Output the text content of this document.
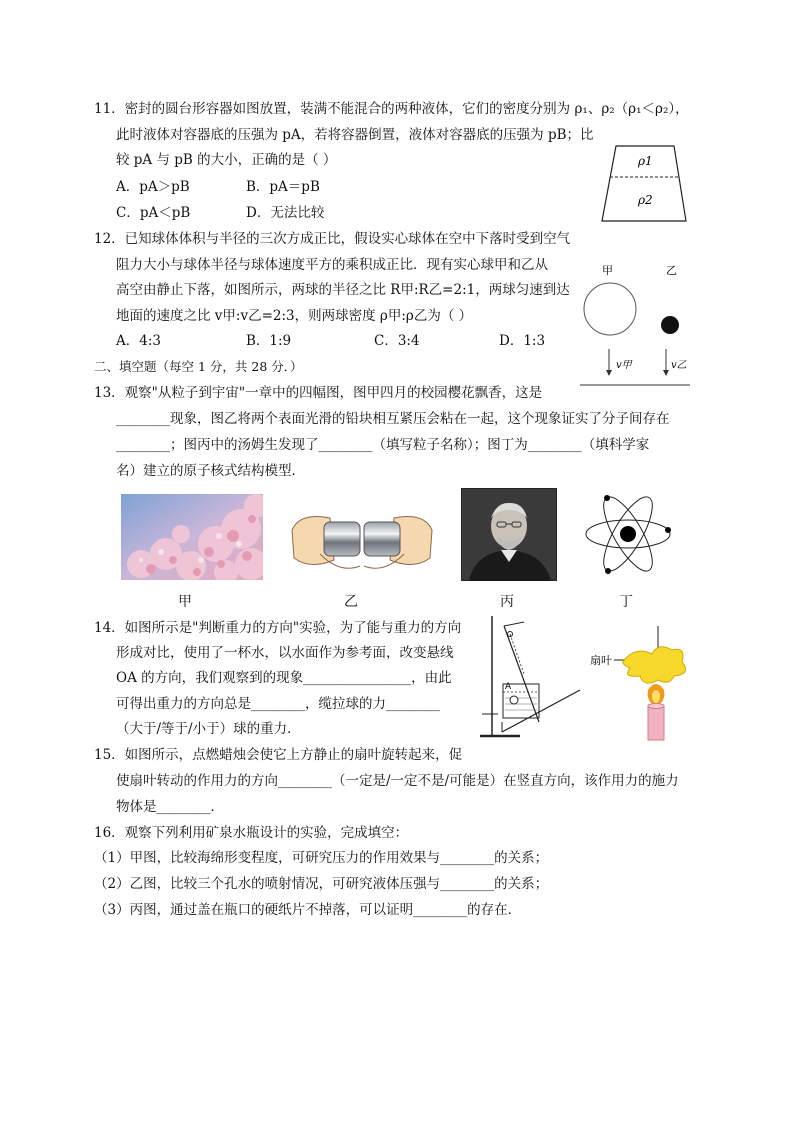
11．密封的圆台形容器如图放置，装满不能混合的两种液体，它们的密度分别为 ρ₁、ρ₂（ρ₁＜ρ₂），
此时液体对容器底的压强为 pA，若将容器倒置，液体对容器底的压强为 pB；比
较 pA 与 pB 的大小，正确的是（ ）
A．pA＞pB	B．pA＝pB
C．pA＜pB	D．无法比较
ρ1
ρ2
12．已知球体体积与半径的三次方成正比，假设实心球体在空中下落时受到空气
阻力大小与球体半径与球体速度平方的乘积成正比．现有实心球甲和乙从
高空由静止下落，如图所示，两球的半径之比 R甲:R乙=2:1，两球匀速到达
地面的速度之比 v甲:v乙=2:3，则两球密度 ρ甲:ρ乙为（ ）
A．4:3	B．1:9	C．3:4	D．1:3
甲	乙
v甲	v乙
二、填空题（每空 1 分，共 28 分．）
13．观察"从粒子到宇宙"一章中的四幅图，图甲四月的校园樱花飘香，这是
________现象，图乙将两个表面光滑的铅块相互紧压会粘在一起，这个现象证实了分子间存在
________；图丙中的汤姆生发现了________（填写粒子名称）；图丁为________（填科学家
名）建立的原子核式结构模型．
甲	乙	丙	丁
14．如图所示是"判断重力的方向"实验，为了能与重力的方向
形成对比，使用了一杯水，以水面作为参考面，改变悬线
OA 的方向，我们观察到的现象________________，由此
可得出重力的方向总是________，缆拉球的力________
（大于/等于/小于）球的重力．
A
扇叶
15．如图所示，点燃蜡烛会使它上方静止的扇叶旋转起来，促
使扇叶转动的作用力的方向________（一定是/一定不是/可能是）在竖直方向，该作用力的施力
物体是________．
16．观察下列利用矿泉水瓶设计的实验，完成填空：
（1）甲图，比较海绵形变程度，可研究压力的作用效果与________的关系；
（2）乙图，比较三个孔水的喷射情况，可研究液体压强与________的关系；
（3）丙图，通过盖在瓶口的硬纸片不掉落，可以证明________的存在．
